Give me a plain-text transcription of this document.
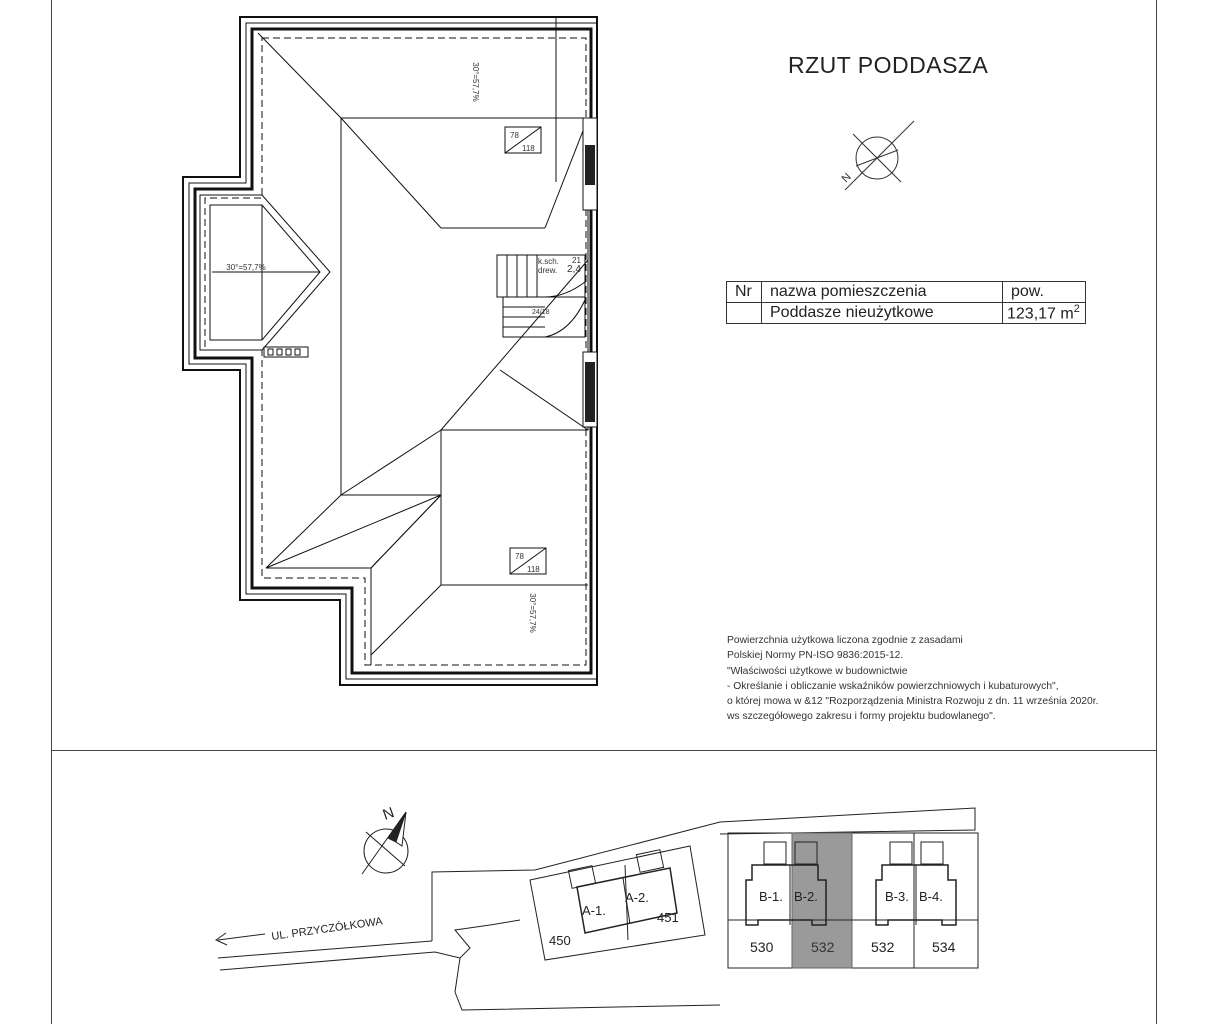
RZUT PODDASZA
30°=57,7%
30°=57,7%
30°=57,7%
78
118
78
118
k.sch.
drew. 2,4
21
24/18
N
Nr	nazwa pomieszczenia	pow.
	Poddasze nieużytkowe	123,17 $m^2$
Powierzchnia użytkowa liczona zgodnie z zasadami
Polskiej Normy PN-ISO 9836:2015-12.
"Właściwości użytkowe w budownictwie
- Określanie i obliczanie wskaźników powierzchniowych i kubaturowych",
o której mowa w &12 "Rozporządzenia Ministra Rozwoju z dn. 11 września 2020r.
ws szczegółowego zakresu i formy projektu budowlanego".
UL. PRZYCZÓŁKOWA
A-1.
A-2.	B-1. B-2.	B-3. B-4.
450
451
530	532	532	534
N
